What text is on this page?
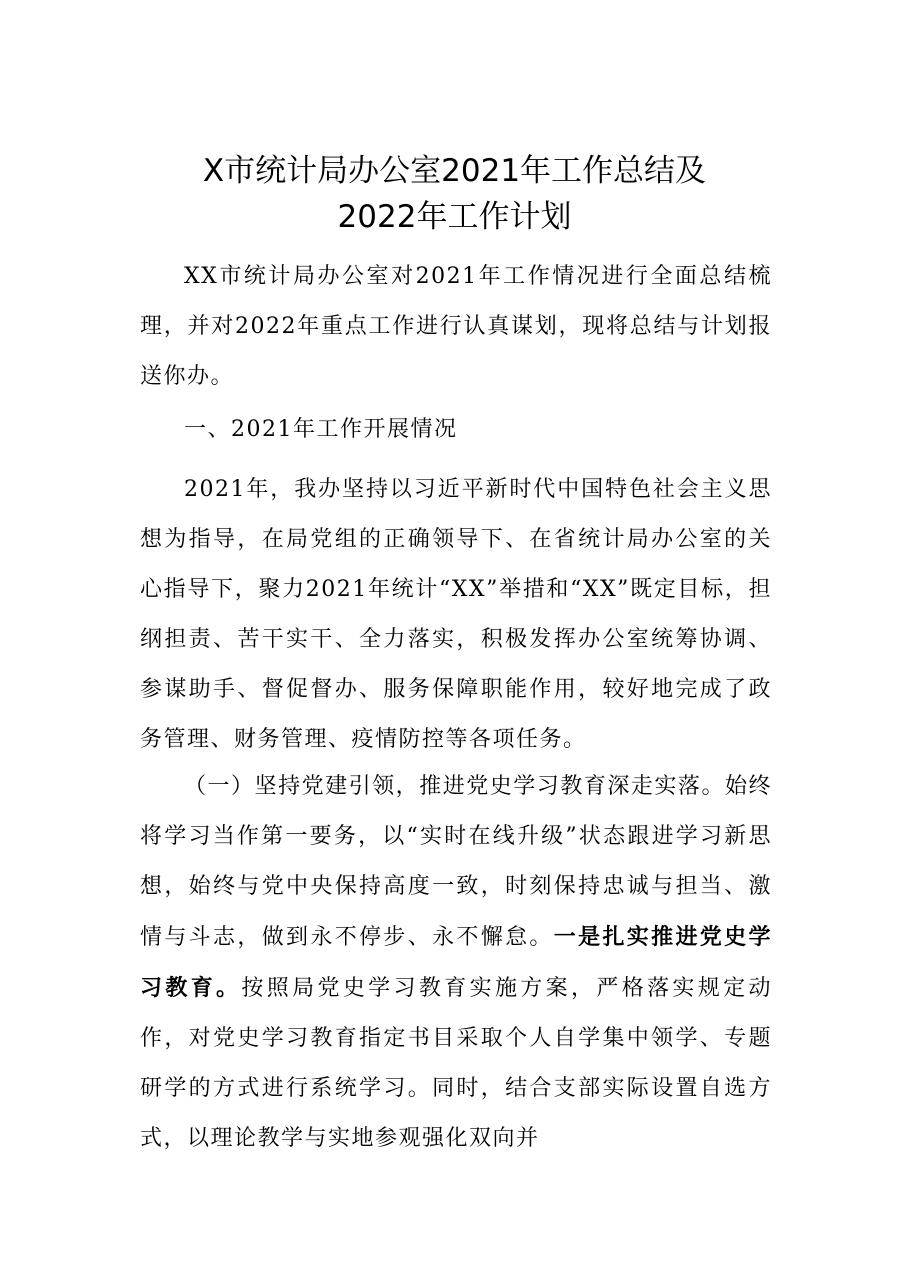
X市统计局办公室2021年工作总结及
2022年工作计划

XX市统计局办公室对2021年工作情况进行全面总结梳理，并对2022年重点工作进行认真谋划，现将总结与计划报送你办。

一、2021年工作开展情况

2021年，我办坚持以习近平新时代中国特色社会主义思想为指导，在局党组的正确领导下、在省统计局办公室的关心指导下，聚力2021年统计“XX”举措和“XX”既定目标，担纲担责、苦干实干、全力落实，积极发挥办公室统筹协调、参谋助手、督促督办、服务保障职能作用，较好地完成了政务管理、财务管理、疫情防控等各项任务。

（一）坚持党建引领，推进党史学习教育深走实落。始终将学习当作第一要务，以“实时在线升级”状态跟进学习新思想，始终与党中央保持高度一致，时刻保持忠诚与担当、激情与斗志，做到永不停步、永不懈怠。一是扎实推进党史学习教育。按照局党史学习教育实施方案，严格落实规定动作，对党史学习教育指定书目采取个人自学集中领学、专题研学的方式进行系统学习。同时，结合支部实际设置自选方式，以理论教学与实地参观强化双向并
